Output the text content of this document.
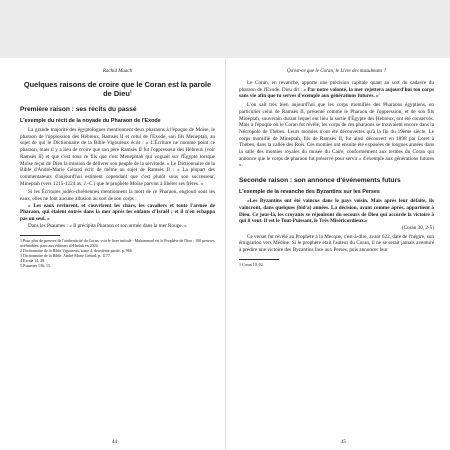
Rachid Maach
Quelques raisons de croire que le Coran est la parole de Dieu$^1$
Première raison : ses récits du passé
L'exemple du récit de la noyade du Pharaon de l'Exode

La grande majorité des égyptologues mentionnent deux pharaons à l'époque de Moïse, le pharaon de l'oppression des Hébreux, Ramsès II et celui de l'Exode, son fils Meneptah, au sujet de qui le Dictionnaire de la Bible Vigoureux écrit : « L'Écriture ne nomme point ce pharaon, mais il y a lieu de croire que son père Ramsès II fut l'oppresseur des Hébreux (voir Ramsès II) et que c'est sous ce fils que c'est Menephtah qui voguait sur l'Égypte lorsque Moïse reçut de Dieu la mission de délivrer son peuple de la servitude. » Le Dictionnaire de la Bible d'André-Marie Gérard écrit de même au sujet de Ramsès II : « La plupart des commentateurs d'aujourd'hui estiment cependant que c'est plutôt sous son successeur, Mineptah (vers 1215-1224 av. J.-C.) que le prophète Moïse parvint à libérer ses frères. »

Si les Écritures judéo-chrétiennes mentionnent la mort de ce Pharaon, englouti sous les eaux, elles ne font aucune allusion au sort de son corps :

« Les eaux revinrent, et couvrirent les chars, les cavaliers et toute l'armée de Pharaon, qui étaient entrés dans la mer après les enfants d'Israël ; et il n'en échappa pas un seul. »

Dans les Psaumes : « Il précipita Pharaon et son armée dans la mer Rouge. »

1 Pour plus de preuves de l'authenticité du Coran, voir le livre intitulé : Muhammad est le Prophète de Dieu : 100 preuves irréfutables, paru aux éditions al-Hadith en 2024.

2 Dictionnaire de la Bible Vigoureux, tome 4, deuxième partie, p. 966.

3 Dictionnaire de la Bible, André-Marie Gérard, p. 1177.

4 Exode 14, 28.

5 Psaumes 136, 15.

44
Qu'est-ce que le Coran, le Livre des musulmans ?

Le Coran, en revanche, apporte une précision capitale quant au sort du cadavre du pharaon de l'Exode. Dieu dit : « Par notre volonté, la mer rejettera aujourd'hui ton corps sans vie afin que tu serves d'exemple aux générations futures. »$^1$

L'on sait très bien aujourd'hui que les corps momifiés des Pharaons égyptiens, en particulier celui de Ramsès II, présenté comme le Pharaon de l'oppression, et de son fils Mineptah, souverain durant lequel eut lieu la sortie d'Égypte des Hébreux, ont été conservés. Mais à l'époque où le Coran fut révélé, les corps de ces pharaons se trouvaient encore dans la Nécropole de Thèbes. Leurs momies n'ont été découvertes qu'à la fin du 19ème siècle. Le corps momifié de Mineptah, fils de Ramsès II, fut ainsi découvert en 1898 par Loret à Thèbes, dans la vallée des Rois. Ces momies ont ensuite été exposées de longues années dans la salle des momies royales du musée du Caire, conformément aux termes du Coran qui annonce que le corps de pharaon fut préservé pour servir « d'exemple aux générations futures ».

Seconde raison : son annonce d'événements futurs
L'exemple de la revanche des Byzantins sur les Perses

«Les Byzantins ont été vaincus dans le pays voisin. Mais après leur défaite, ils vaincront, dans quelques (bid'a) années. La décision, avant comme après, appartient à Dieu. Ce jour-là, les croyants se réjouiront du secours de Dieu qui accorde la victoire à qui il veut. Il est le Tout-Puissant, le Très Miséricordieux.»

(Coran 30, 2-5)

Ce verset fut révélé au Prophète à la Mecque, c'est-à-dire, avant 622, date de l'hégire, son émigration vers Médine. Si le prophète était l'auteur du Coran, il ne se serait jamais aventuré à prédire une victoire des Byzantins face aux Perses, puis annoncer leur

1 Coran 10, 92.

45
